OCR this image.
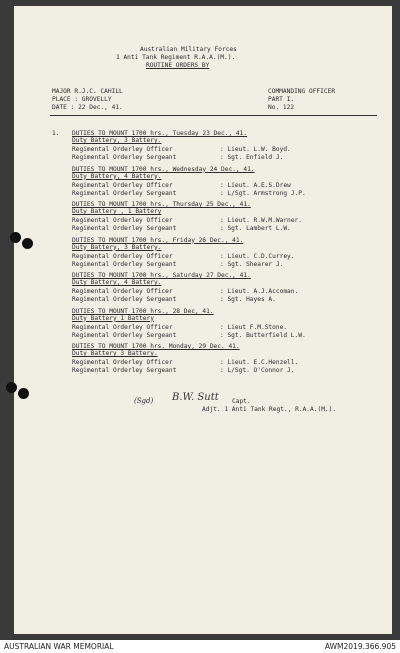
Australian Military Forces
1 Anti Tank Regiment R.A.A.(M.).
ROUTINE ORDERS BY
MAJOR R.J.C. CAHILL
PLACE : GROVELLY
DATE : 22 Dec., 41.
COMMANDING OFFICER
PART I.
No. 122
1. DUTIES TO MOUNT 1700 hrs., Tuesday 23 Dec., 41.
Duty Battery, 3 Battery.
Regimental Orderley Officer	: Lieut. L.W. Boyd.
Regimental Orderley Sergeant	: Sgt. Enfield J.
DUTIES TO MOUNT 1700 hrs., Wednesday 24 Dec., 41.
Duty Battery, 4 Battery.
Regimental Orderley Officer	: Lieut. A.E.S.Drew
Regimental Orderley Sergeant	: L/Sgt. Armstrong J.P.
DUTIES TO MOUNT 1700 hrs., Thursday 25 Dec., 41.
Duty Battery , 1 Battery
Regimental Orderley Officer	: Lieut. R.W.M.Warner.
Regimental Orderley Sergeant	: Sgt. Lambert L.W.
DUTIES TO MOUNT 1700 hrs., Friday 26 Dec., 41.
Duty Battery, 3 Battery.
Regimental Orderley Officer	: Lieut. C.D.Currey.
Regimental Orderley Sergeant	: Sgt. Shearer J.
DUTIES TO MOUNT 1700 hrs., Saturday 27 Dec., 41.
Duty Battery, 4 Battery.
Regimental Orderley Officer	: Lieut. A.J.Accoman.
Regimental Orderley Sergeant	: Sgt. Hayes A.
DUTIES TO MOUNT 1700 hrs., 28 Dec, 41.
Duty Battery 1 Battery
Regimental Orderley Officer	: Lieut F.M.Stone.
Regimental Orderley Sergeant	: Sgt. Butterfield L.W.
DUTIES TO MOUNT 1700 hrs. Monday, 29 Dec. 41.
Duty Battery 3 Battery.
Regimental Orderley Officer	: Lieut. E.C.Henzell.
Regimental Orderley Sergeant	: L/Sgt. O'Connor J.
(Sgd) B.W. Sutt Capt.
Adjt. 1 Anti Tank Regt., R.A.A.(M.).
AUSTRALIAN WAR MEMORIAL	AWM2019.366.905
